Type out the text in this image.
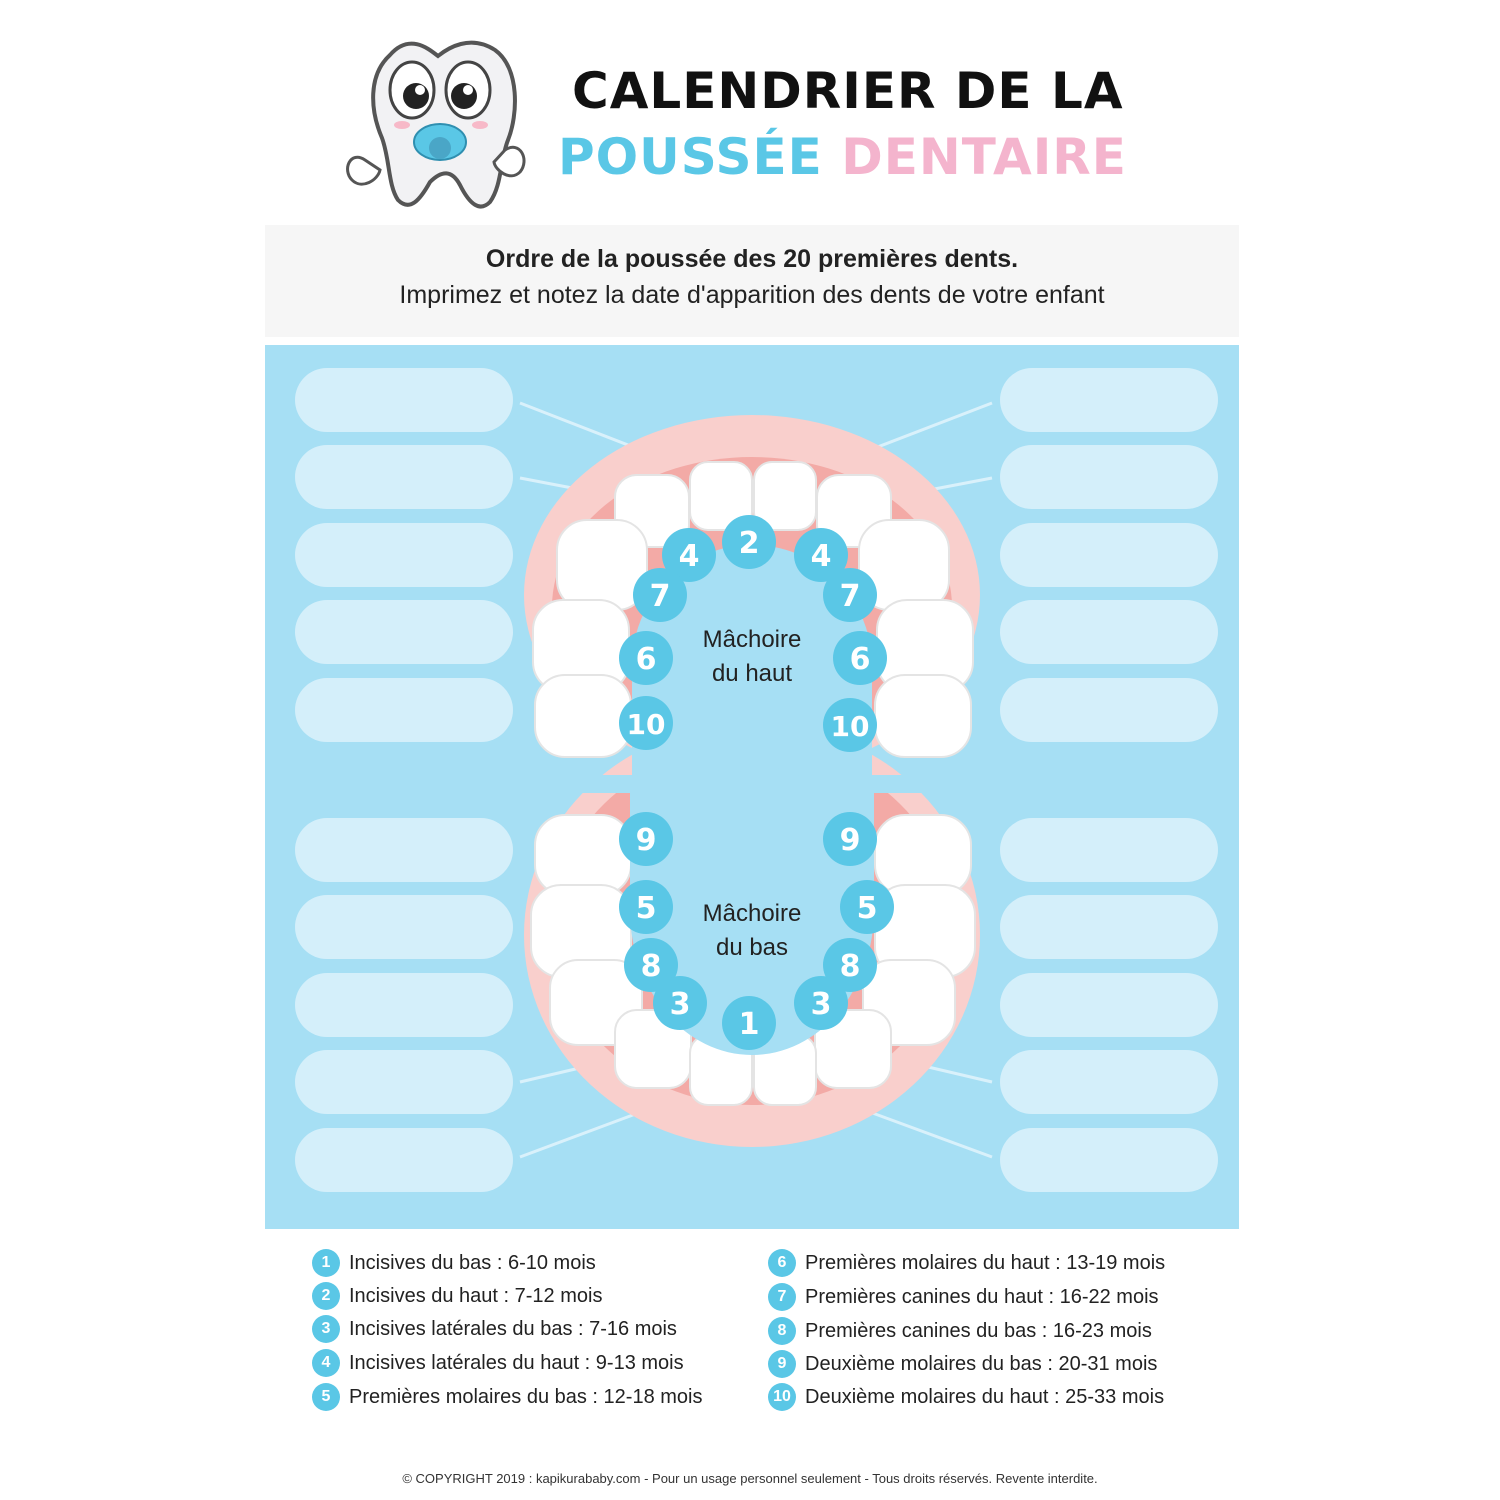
CALENDRIER DE LA
POUSSÉE DENTAIRE
Ordre de la poussée des 20 premières dents.
Imprimez et notez la date d'apparition des dents de votre enfant
2
4	4
7	7
6	6
10	10
9	9
5	5
8	8
3	3
1
Mâchoire
du haut
Mâchoire
du bas
1 Incisives du bas : 6-10 mois
2 Incisives du haut : 7-12 mois
3 Incisives latérales du bas : 7-16 mois
4 Incisives latérales du haut : 9-13 mois
5 Premières molaires du bas : 12-18 mois
6 Premières molaires du haut : 13-19 mois
7 Premières canines du haut : 16-22 mois
8 Premières canines du bas : 16-23 mois
9 Deuxième molaires du bas : 20-31 mois
10 Deuxième molaires du haut : 25-33 mois
© COPYRIGHT 2019 : kapikurababy.com - Pour un usage personnel seulement - Tous droits réservés. Revente interdite.
